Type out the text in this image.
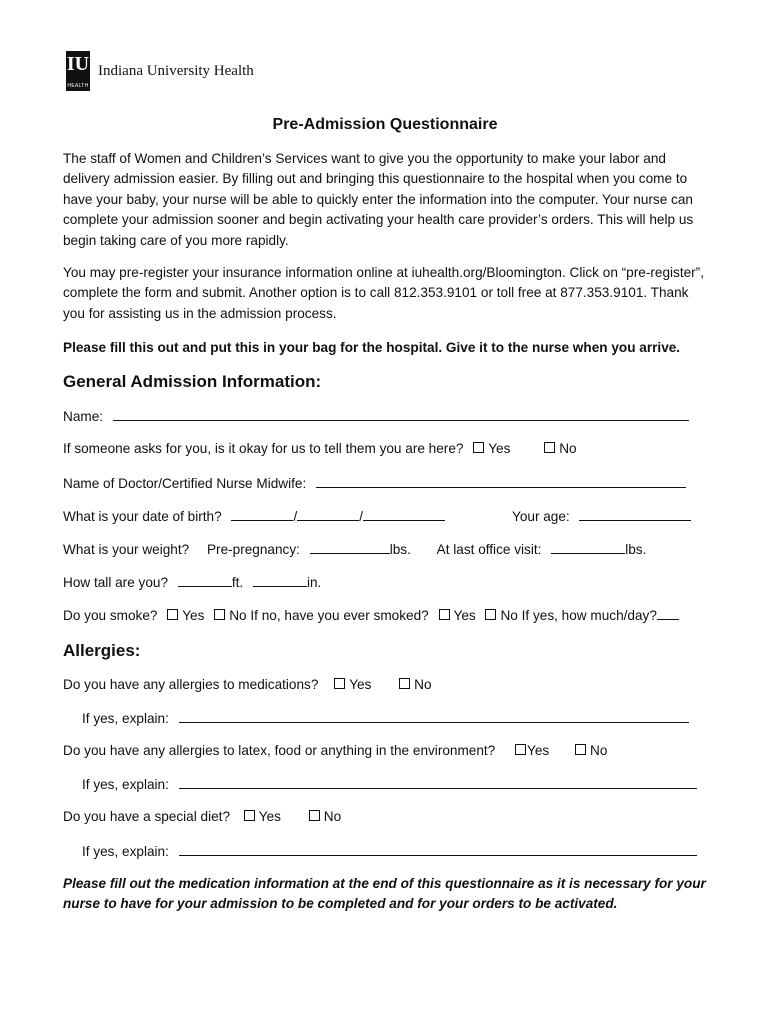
IU
HEALTH
Indiana University Health
Pre-Admission Questionnaire
The staff of Women and Children’s Services want to give you the opportunity to make your labor and delivery admission easier. By filling out and bringing this questionnaire to the hospital when you come to have your baby, your nurse will be able to quickly enter the information into the computer. Your nurse can complete your admission sooner and begin activating your health care provider’s orders. This will help us begin taking care of you more rapidly.
You may pre-register your insurance information online at iuhealth.org/Bloomington. Click on “pre-register”, complete the form and submit. Another option is to call 812.353.9101 or toll free at 877.353.9101. Thank you for assisting us in the admission process.
Please fill this out and put this in your bag for the hospital. Give it to the nurse when you arrive.
General Admission Information:
Name:
If someone asks for you, is it okay for us to tell them you are here? Yes	No
Name of Doctor/Certified Nurse Midwife:
What is your date of birth?	/	/	Your age:
What is your weight? Pre-pregnancy:	lbs. At last office visit:	lbs.
How tall are you?	ft.	in.
Do you smoke? Yes No If no, have you ever smoked? Yes No If yes, how much/day?
Allergies:
Do you have any allergies to medications? Yes	No
If yes, explain:
Do you have any allergies to latex, food or anything in the environment? Yes	No
If yes, explain:
Do you have a special diet? Yes	No
If yes, explain:
Please fill out the medication information at the end of this questionnaire as it is necessary for your nurse to have for your admission to be completed and for your orders to be activated.
